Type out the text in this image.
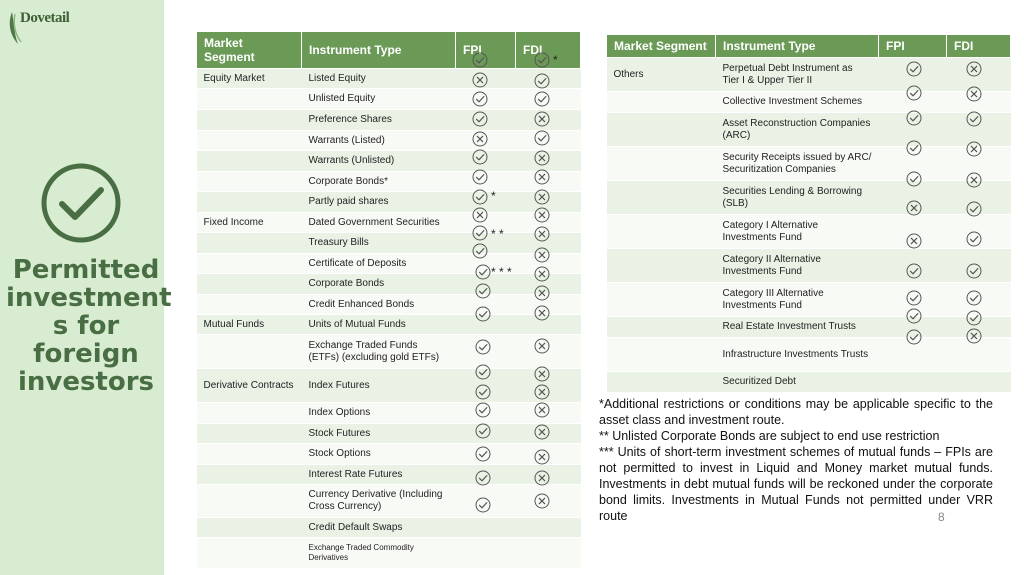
Dovetail
Permitted investment s for foreign investors
Market Segment	Instrument Type	FPI	FDI
Equity Market	Listed Equity		
	Unlisted Equity		
	Preference Shares		
	Warrants (Listed)		
	Warrants (Unlisted)		
	Corporate Bonds*		
	Partly paid shares		
Fixed Income	Dated Government Securities		
	Treasury Bills		
	Certificate of Deposits		
	Corporate Bonds		
	Credit Enhanced Bonds		
Mutual Funds	Units of Mutual Funds		
	Exchange Traded Funds (ETFs) (excluding gold ETFs)		
Derivative Contracts	Index Futures		
	Index Options		
	Stock Futures		
	Stock Options		
	Interest Rate Futures		
	Currency Derivative (Including Cross Currency)		
	Credit Default Swaps		
	Exchange Traded Commodity Derivatives		
Market Segment	Instrument Type	FPI	FDI
Others	Perpetual Debt Instrument as Tier I & Upper Tier II		
	Collective Investment Schemes		
	Asset Reconstruction Companies (ARC)		
	Security Receipts issued by ARC/ Securitization Companies		
	Securities Lending & Borrowing (SLB)		
	Category I Alternative Investments Fund		
	Category II Alternative Investments Fund		
	Category III Alternative Investments Fund		
	Real Estate Investment Trusts		
	Infrastructure Investments Trusts		
	Securitized Debt		
*
*
* *
* * *

*Additional restrictions or conditions may be applicable specific to the asset class and investment route.

** Unlisted Corporate Bonds are subject to end use restriction

*** Units of short-term investment schemes of mutual funds – FPIs are not permitted to invest in Liquid and Money market mutual funds. Investments in debt mutual funds will be reckoned under the corporate bond limits. Investments in Mutual Funds not permitted under VRR route	8
